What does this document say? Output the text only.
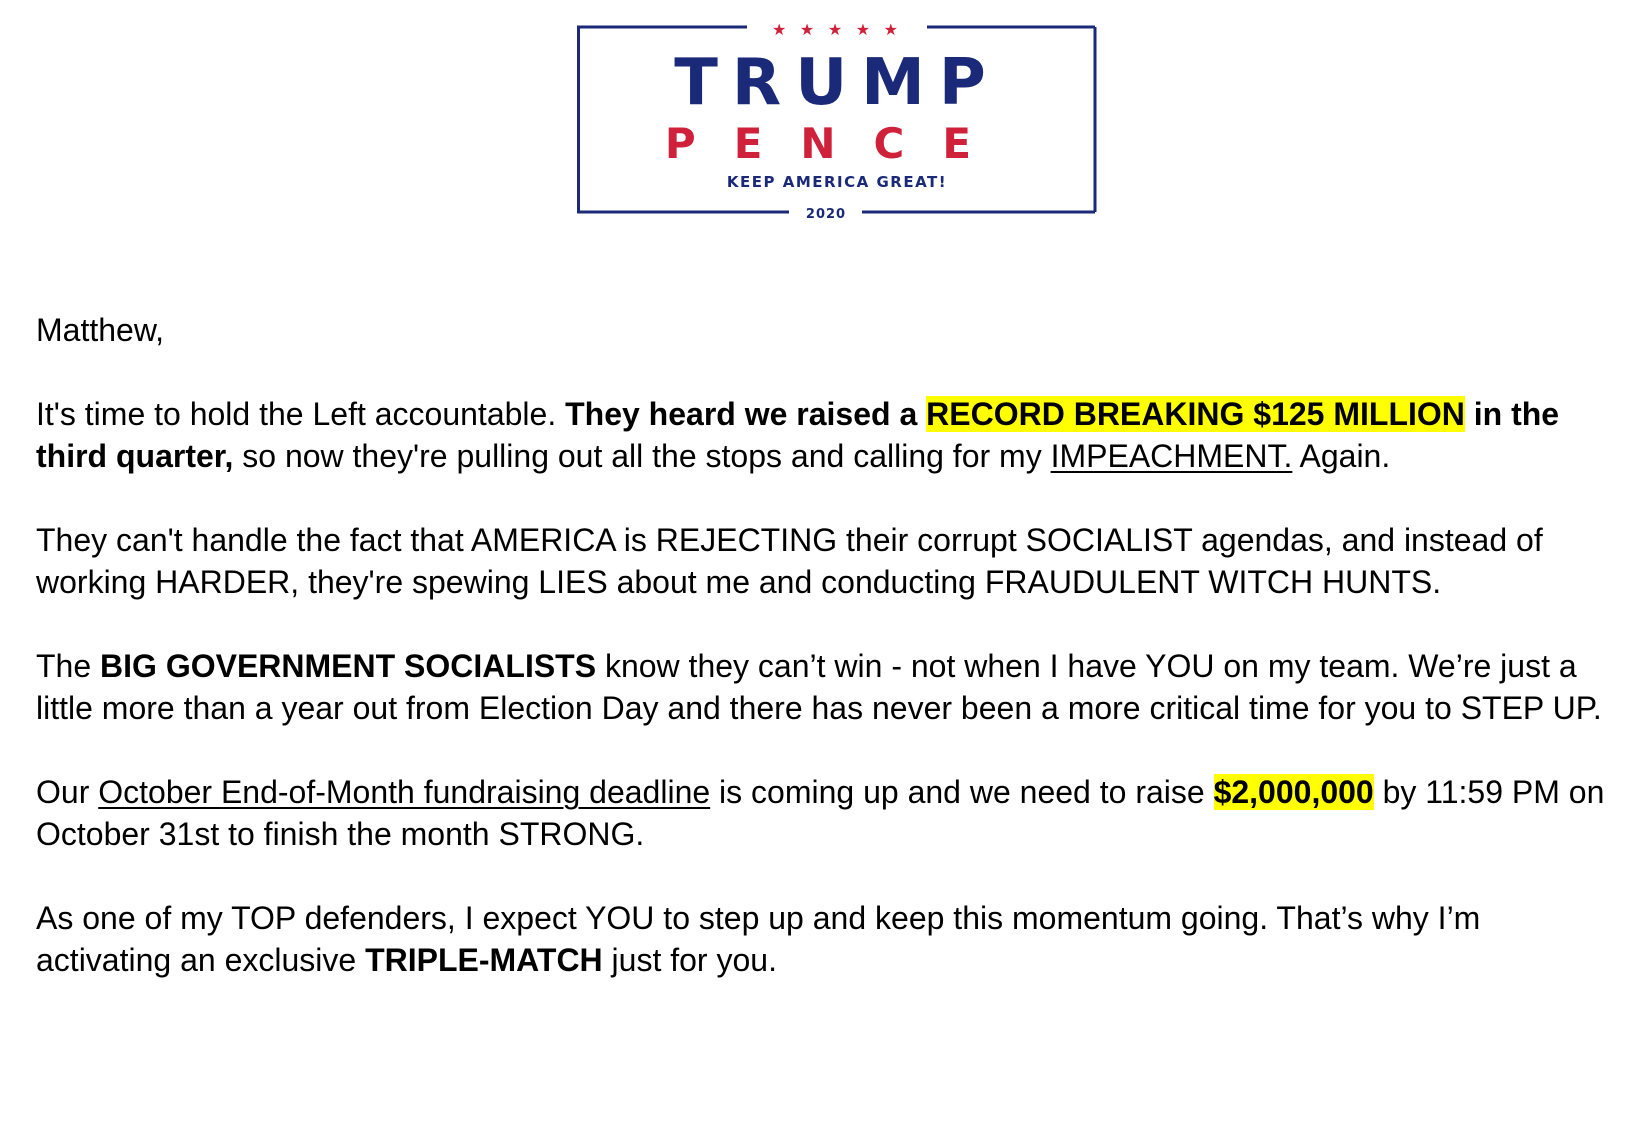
★ ★ ★ ★ ★
TRUMP
PENCE
KEEP AMERICA GREAT!
2020

Matthew,

It's time to hold the Left accountable. They heard we raised a RECORD BREAKING $125 MILLION in the third quarter, so now they're pulling out all the stops and calling for my IMPEACHMENT. Again.

They can't handle the fact that AMERICA is REJECTING their corrupt SOCIALIST agendas, and instead of working HARDER, they're spewing LIES about me and conducting FRAUDULENT WITCH HUNTS.

The BIG GOVERNMENT SOCIALISTS know they can’t win - not when I have YOU on my team. We’re just a little more than a year out from Election Day and there has never been a more critical time for you to STEP UP.

Our October End-of-Month fundraising deadline is coming up and we need to raise $2,000,000 by 11:59 PM on October 31st to finish the month STRONG.

As one of my TOP defenders, I expect YOU to step up and keep this momentum going. That’s why I’m activating an exclusive TRIPLE-MATCH just for you.
